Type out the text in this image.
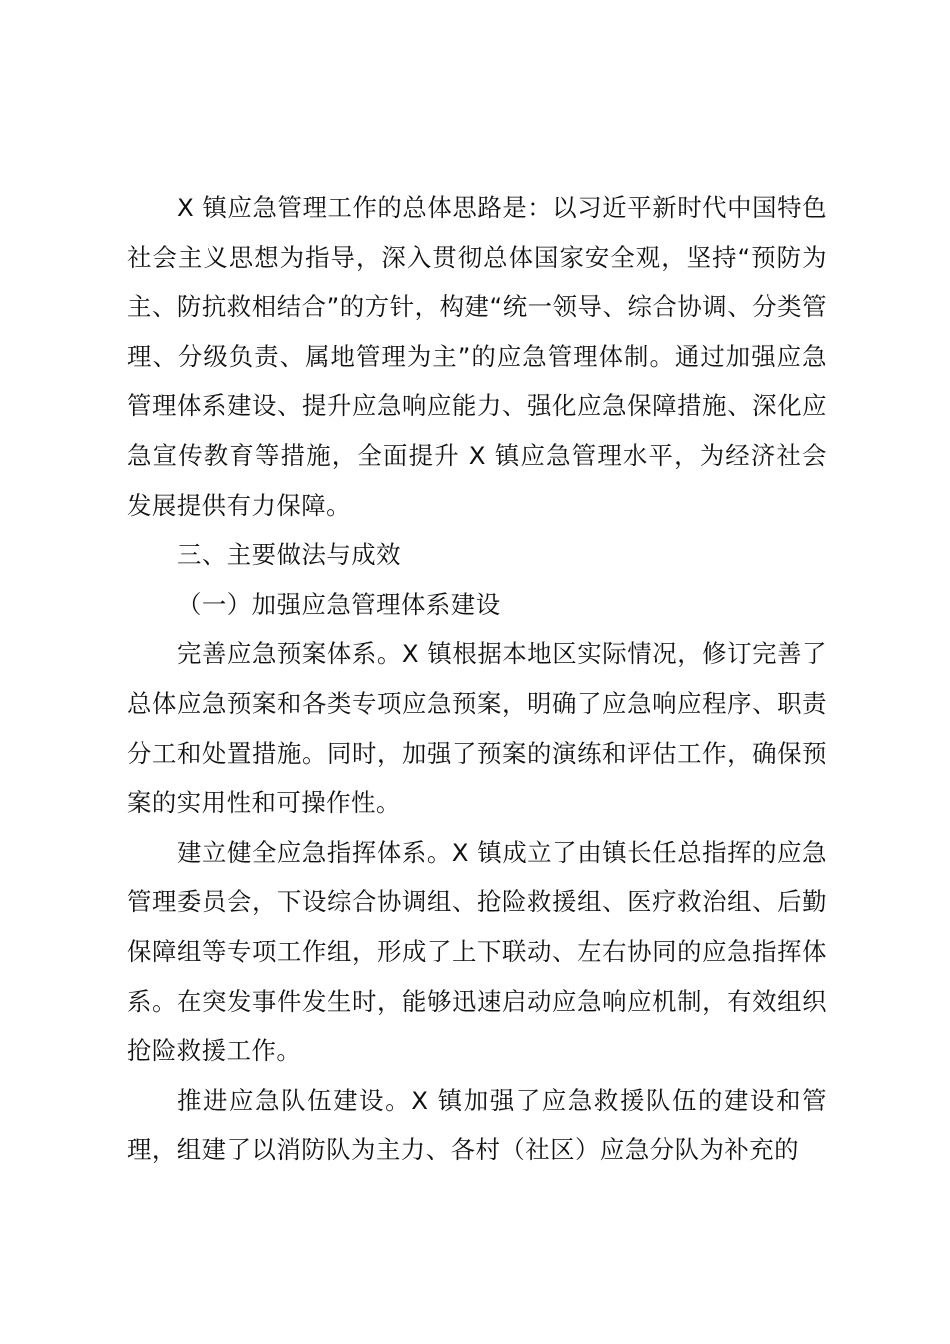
X 镇应急管理工作的总体思路是：以习近平新时代中国特色社会主义思想为指导，深入贯彻总体国家安全观，坚持“预防为主、防抗救相结合”的方针，构建“统一领导、综合协调、分类管理、分级负责、属地管理为主”的应急管理体制。通过加强应急管理体系建设、提升应急响应能力、强化应急保障措施、深化应急宣传教育等措施，全面提升 X 镇应急管理水平，为经济社会发展提供有力保障。

三、主要做法与成效

（一）加强应急管理体系建设

完善应急预案体系。X 镇根据本地区实际情况，修订完善了总体应急预案和各类专项应急预案，明确了应急响应程序、职责分工和处置措施。同时，加强了预案的演练和评估工作，确保预案的实用性和可操作性。

建立健全应急指挥体系。X 镇成立了由镇长任总指挥的应急管理委员会，下设综合协调组、抢险救援组、医疗救治组、后勤保障组等专项工作组，形成了上下联动、左右协同的应急指挥体系。在突发事件发生时，能够迅速启动应急响应机制，有效组织抢险救援工作。

推进应急队伍建设。X 镇加强了应急救援队伍的建设和管理，组建了以消防队为主力、各村（社区）应急分队为补充的
